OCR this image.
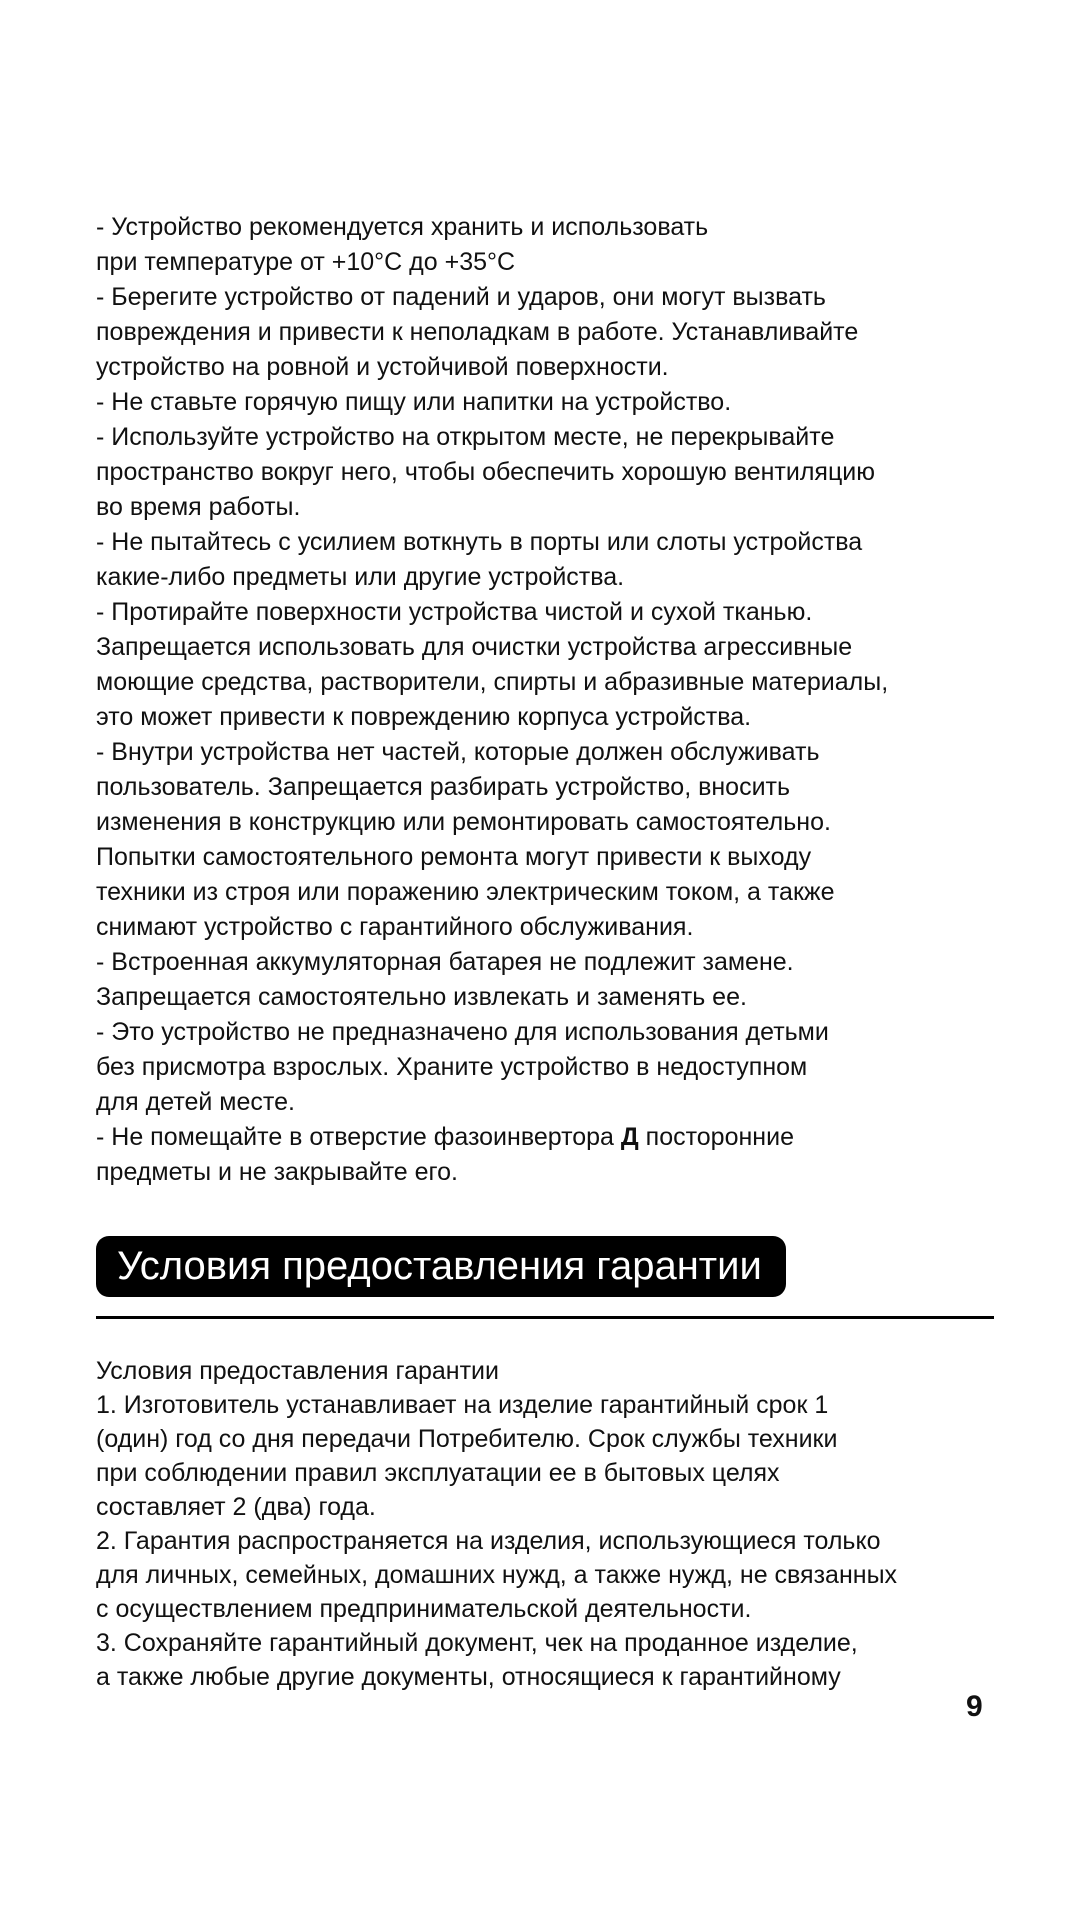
- Устройство рекомендуется хранить и использовать
при температуре от +10°С до +35°С
- Берегите устройство от падений и ударов, они могут вызвать
повреждения и привести к неполадкам в работе. Устанавливайте
устройство на ровной и устойчивой поверхности.
- Не ставьте горячую пищу или напитки на устройство.
- Используйте устройство на открытом месте, не перекрывайте
пространство вокруг него, чтобы обеспечить хорошую вентиляцию
во время работы.
- Не пытайтесь с усилием воткнуть в порты или слоты устройства
какие-либо предметы или другие устройства.
- Протирайте поверхности устройства чистой и сухой тканью.
Запрещается использовать для очистки устройства агрессивные
моющие средства, растворители, спирты и абразивные материалы,
это может привести к повреждению корпуса устройства.
- Внутри устройства нет частей, которые должен обслуживать
пользователь. Запрещается разбирать устройство, вносить
изменения в конструкцию или ремонтировать самостоятельно.
Попытки самостоятельного ремонта могут привести к выходу
техники из строя или поражению электрическим током, а также
снимают устройство с гарантийного обслуживания.
- Встроенная аккумуляторная батарея не подлежит замене.
Запрещается самостоятельно извлекать и заменять ее.
- Это устройство не предназначено для использования детьми
без присмотра взрослых. Храните устройство в недоступном
для детей месте.
- Не помещайте в отверстие фазоинвертора Д посторонние
предметы и не закрывайте его.
Условия предоставления гарантии
Условия предоставления гарантии
1. Изготовитель устанавливает на изделие гарантийный срок 1
(один) год со дня передачи Потребителю. Срок службы техники
при соблюдении правил эксплуатации ее в бытовых целях
составляет 2 (два) года.
2. Гарантия распространяется на изделия, использующиеся только
для личных, семейных, домашних нужд, а также нужд, не связанных
с осуществлением предпринимательской деятельности.
3. Сохраняйте гарантийный документ, чек на проданное изделие,
а также любые другие документы, относящиеся к гарантийному
9
